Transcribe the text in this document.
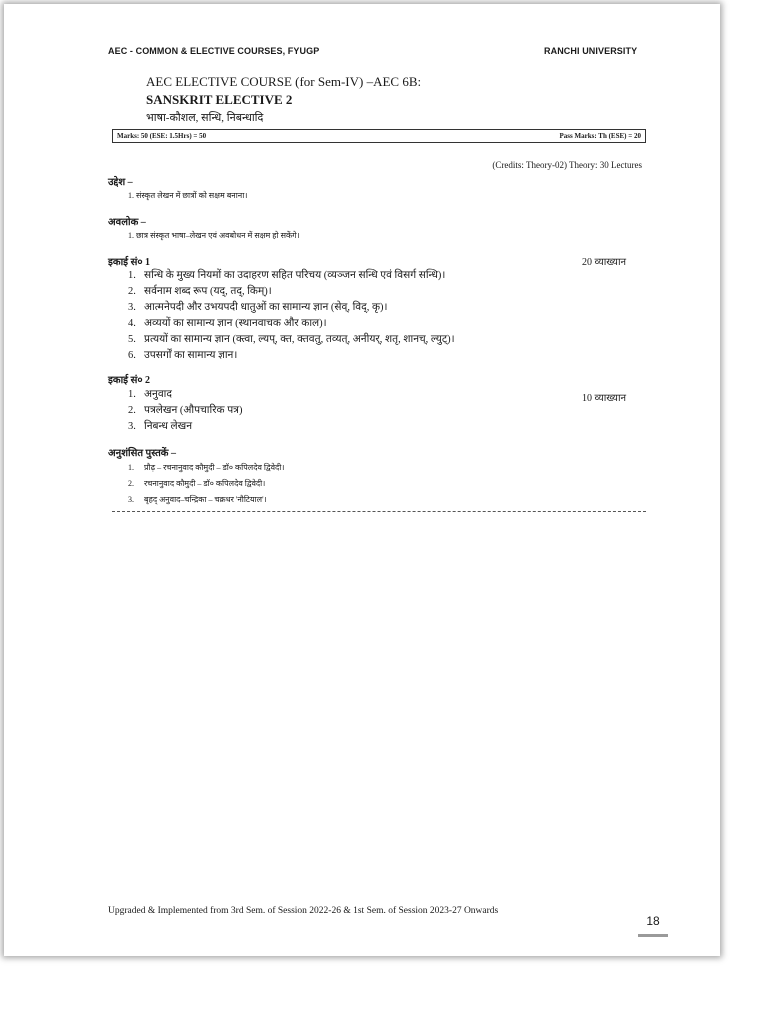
AEC - COMMON & ELECTIVE COURSES, FYUGP	RANCHI UNIVERSITY
AEC ELECTIVE COURSE (for Sem-IV) –AEC 6B:
SANSKRIT ELECTIVE 2
भाषा-कौशल, सन्धि, निबन्धादि
Marks: 50 (ESE: 1.5Hrs) = 50	Pass Marks: Th (ESE) = 20
(Credits: Theory-02) Theory: 30 Lectures
उद्देश –
1. संस्कृत लेखन में छात्रों को सक्षम बनाना।
अवलोक –
1. छात्र संस्कृत भाषा–लेखन एवं अवबोधन में सक्षम हो सकेंगे।
इकाई सं० 1	20 व्याख्यान
1. सन्धि के मुख्य नियमों का उदाहरण सहित परिचय (व्यञ्जन सन्धि एवं विसर्ग सन्धि)।
2. सर्वनाम शब्द रूप (यद्, तद्, किम्)।
3. आत्मनेपदी और उभयपदी धातुओं का सामान्य ज्ञान (सेव्, विद्, कृ)।
4. अव्ययों का सामान्य ज्ञान (स्थानवाचक और काल)।
5. प्रत्ययों का सामान्य ज्ञान (क्त्वा, ल्यप्, क्त, क्तवतु, तव्यत्, अनीयर्, शतृ, शानच्, ल्युट्)।
6. उपसर्गों का सामान्य ज्ञान।
इकाई सं० 2
10 व्याख्यान
1. अनुवाद
2. पत्रलेखन (औपचारिक पत्र)
3. निबन्ध लेखन
अनुशंसित पुस्तकें –
1. प्रौढ़ – रचनानुवाद कौमुदी – डॉ० कपिलदेव द्विवेदी।
2. रचनानुवाद कौमुदी – डॉ० कपिलदेव द्विवेदी।
3. बृहद् अनुवाद–चन्द्रिका – चक्रधर 'नौटियाल'।
Upgraded & Implemented from 3rd Sem. of Session 2022-26 & 1st Sem. of Session 2023-27 Onwards
18
